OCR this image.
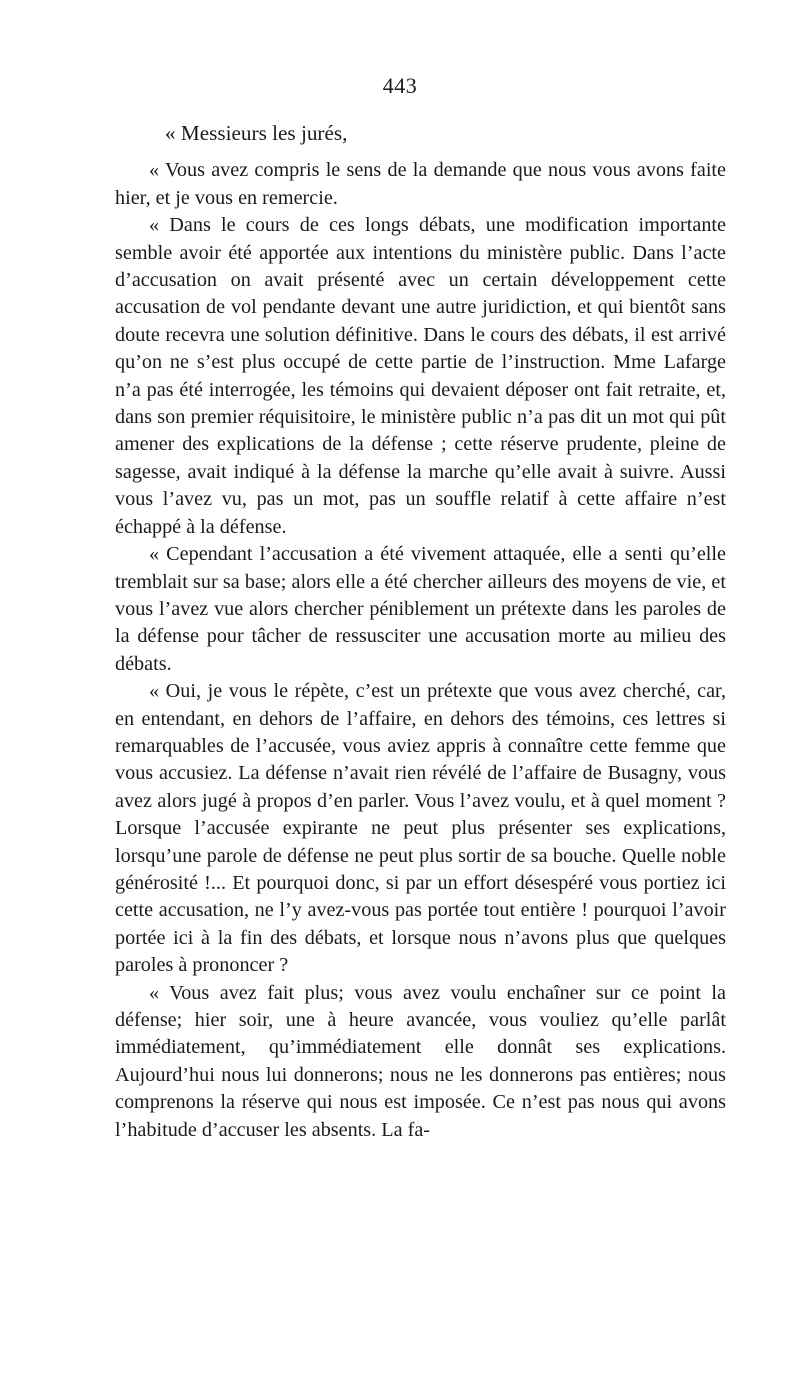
443

« Messieurs les jurés,

« Vous avez compris le sens de la demande que nous vous avons faite hier, et je vous en remercie.

« Dans le cours de ces longs débats, une modification importante semble avoir été apportée aux intentions du ministère public. Dans l’acte d’accusation on avait présenté avec un certain développement cette accusation de vol pendante devant une autre juridiction, et qui bientôt sans doute recevra une solution définitive. Dans le cours des débats, il est arrivé qu’on ne s’est plus occupé de cette partie de l’instruction. Mme Lafarge n’a pas été interrogée, les témoins qui devaient déposer ont fait retraite, et, dans son premier réquisitoire, le ministère public n’a pas dit un mot qui pût amener des explications de la défense ; cette réserve prudente, pleine de sagesse, avait indiqué à la défense la marche qu’elle avait à suivre. Aussi vous l’avez vu, pas un mot, pas un souffle relatif à cette affaire n’est échappé à la défense.

« Cependant l’accusation a été vivement attaquée, elle a senti qu’elle tremblait sur sa base; alors elle a été chercher ailleurs des moyens de vie, et vous l’avez vue alors chercher péniblement un prétexte dans les paroles de la défense pour tâcher de ressusciter une accusation morte au milieu des débats.

« Oui, je vous le répète, c’est un prétexte que vous avez cherché, car, en entendant, en dehors de l’affaire, en dehors des témoins, ces lettres si remarquables de l’accusée, vous aviez appris à connaître cette femme que vous accusiez. La défense n’avait rien révélé de l’affaire de Busagny, vous avez alors jugé à propos d’en parler. Vous l’avez voulu, et à quel moment ? Lorsque l’accusée expirante ne peut plus présenter ses explications, lorsqu’une parole de défense ne peut plus sortir de sa bouche. Quelle noble générosité !... Et pourquoi donc, si par un effort désespéré vous portiez ici cette accusation, ne l’y avez-vous pas portée tout entière ! pourquoi l’avoir portée ici à la fin des débats, et lorsque nous n’avons plus que quelques paroles à prononcer ?

« Vous avez fait plus; vous avez voulu enchaîner sur ce point la défense; hier soir, une à heure avancée, vous vouliez qu’elle parlât immédiatement, qu’immédiatement elle donnât ses explications. Aujourd’hui nous lui donnerons; nous ne les donnerons pas entières; nous comprenons la réserve qui nous est imposée. Ce n’est pas nous qui avons l’habitude d’accuser les absents. La fa-
